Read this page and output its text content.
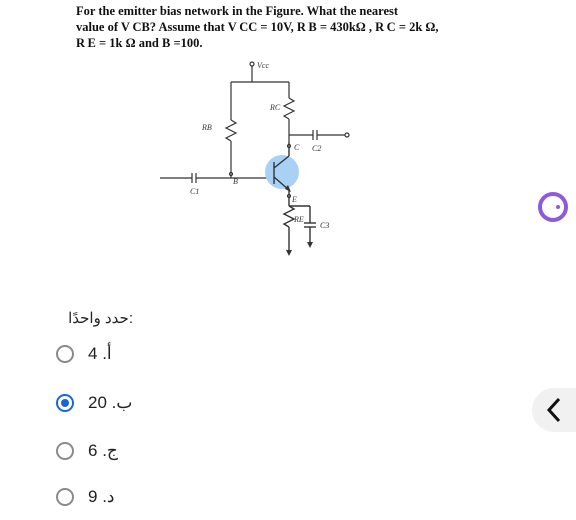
For the emitter bias network in the Figure. What the nearest
value of V CB? Assume that V CC = 10V, R B = 430kΩ , R C = 2k Ω,
R E = 1k Ω and B =100.
Vcc
RB
RC
C C2
C1
B
E
RE
C3
:حدد واحدًا
أ. 4
ب. 20
ج. 6
د. 9
